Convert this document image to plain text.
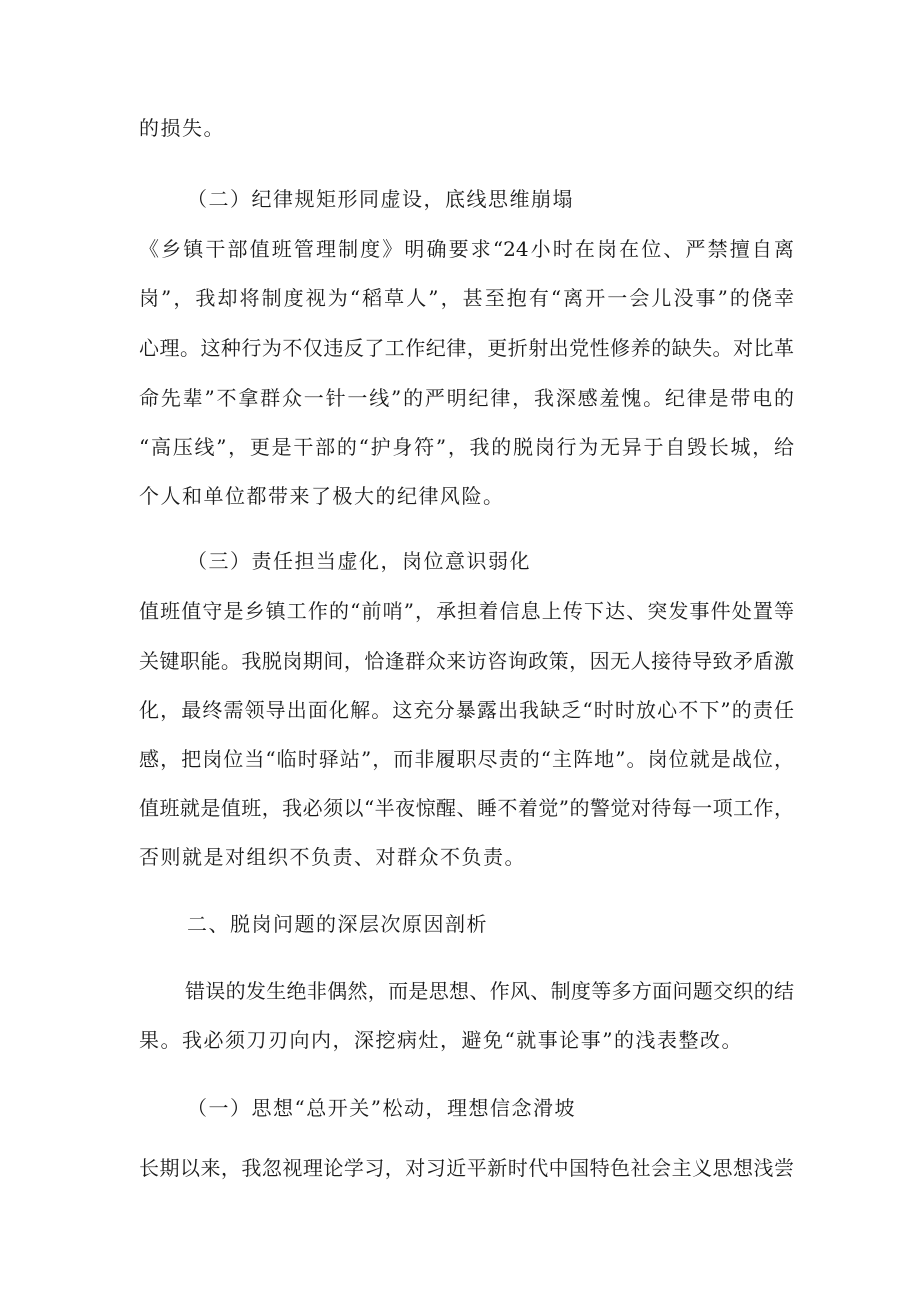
的损失。
（二）纪律规矩形同虚设，底线思维崩塌
《乡镇干部值班管理制度》明确要求“24小时在岗在位、严禁擅自离
岗”，我却将制度视为“稻草人”，甚至抱有“离开一会儿没事”的侥幸
心理。这种行为不仅违反了工作纪律，更折射出党性修养的缺失。对比革
命先辈”不拿群众一针一线”的严明纪律，我深感羞愧。纪律是带电的
“高压线”，更是干部的“护身符”，我的脱岗行为无异于自毁长城，给
个人和单位都带来了极大的纪律风险。
（三）责任担当虚化，岗位意识弱化
值班值守是乡镇工作的“前哨”，承担着信息上传下达、突发事件处置等
关键职能。我脱岗期间，恰逢群众来访咨询政策，因无人接待导致矛盾激
化，最终需领导出面化解。这充分暴露出我缺乏“时时放心不下”的责任
感，把岗位当“临时驿站”，而非履职尽责的“主阵地”。岗位就是战位，
值班就是值班，我必须以“半夜惊醒、睡不着觉”的警觉对待每一项工作，
否则就是对组织不负责、对群众不负责。
二、脱岗问题的深层次原因剖析
错误的发生绝非偶然，而是思想、作风、制度等多方面问题交织的结
果。我必须刀刃向内，深挖病灶，避免“就事论事”的浅表整改。
（一）思想“总开关”松动，理想信念滑坡
长期以来，我忽视理论学习，对习近平新时代中国特色社会主义思想浅尝
